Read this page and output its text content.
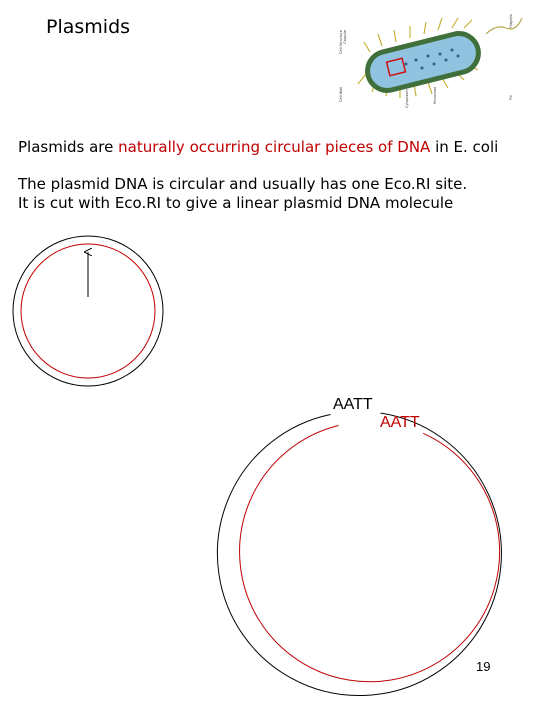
Plasmids
Cell Structure
Cell Wall
Capsule
Cytoplasm	Ribosome	Pili
Flagella
Plasmids are naturally occurring circular pieces of DNA in E. coli
The plasmid DNA is circular and usually has one Eco.RI site.
It is cut with Eco.RI to give a linear plasmid DNA molecule
AATT
AATT
19
